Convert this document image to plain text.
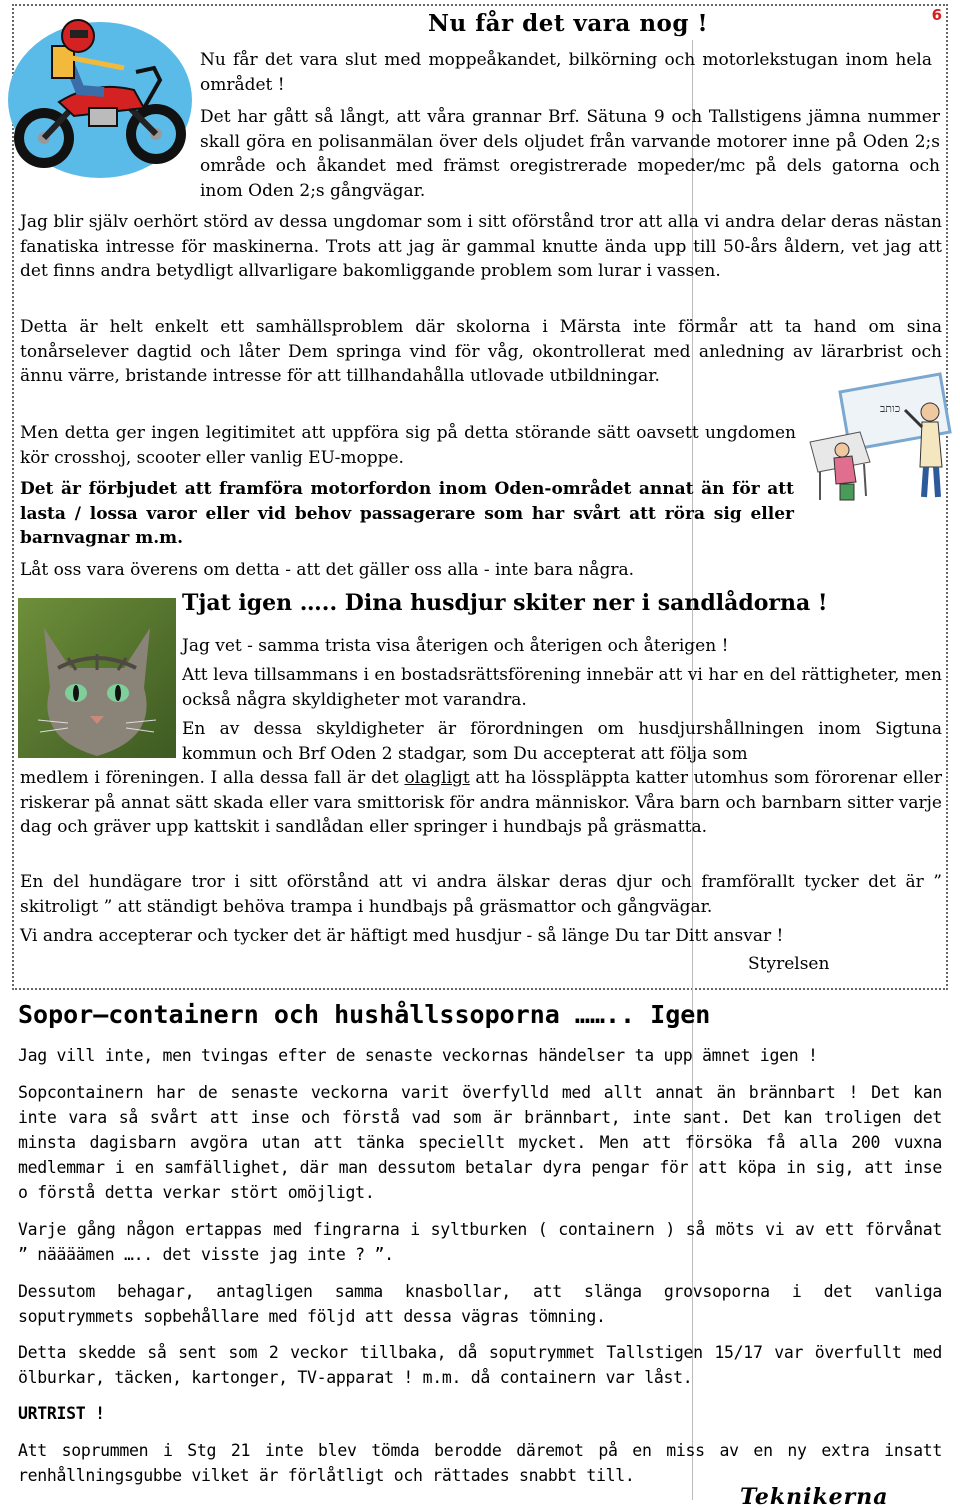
6
Nu får det vara nog !

Nu får det vara slut med moppeåkandet, bilkörning och motorlekstugan inom hela området !

Det har gått så långt, att våra grannar Brf. Sätuna 9 och Tallstigens jämna nummer skall göra en polisanmälan över dels oljudet från varvande motorer inne på Oden 2;s område och åkandet med främst oregistrerade mopeder/mc på dels gatorna och inom Oden 2;s gångvägar.

Jag blir själv oerhört störd av dessa ungdomar som i sitt oförstånd tror att alla vi andra delar deras nästan fanatiska intresse för maskinerna. Trots att jag är gammal knutte ända upp till 50-års åldern, vet jag att det finns andra betydligt allvarligare bakomliggande problem som lurar i vassen.

Detta är helt enkelt ett samhällsproblem där skolorna i Märsta inte förmår att ta hand om sina tonårselever dagtid och låter Dem springa vind för våg, okontrollerat med anledning av lärarbrist och ännu värre, bristande intresse för att tillhandahålla utlovade utbildningar.

כותב

Men detta ger ingen legitimitet att uppföra sig på detta störande sätt oavsett ungdomen kör crosshoj, scooter eller vanlig EU-moppe.

Det är förbjudet att framföra motorfordon inom Oden-området annat än för att lasta / lossa varor eller vid behov passagerare som har svårt att röra sig eller barnvagnar m.m.

Låt oss vara överens om detta - att det gäller oss alla - inte bara några.

Tjat igen ….. Dina husdjur skiter ner i sandlådorna !

Jag vet - samma trista visa återigen och återigen och återigen !

Att leva tillsammans i en bostadsrättsförening innebär att vi har en del rättigheter, men också några skyldigheter mot varandra.

En av dessa skyldigheter är förordningen om husdjurshållningen inom Sigtuna kommun och Brf Oden 2 stadgar, som Du accepterat att följa som

medlem i föreningen. I alla dessa fall är det olagligt att ha lösspläppta katter utomhus som förorenar eller riskerar på annat sätt skada eller vara smittorisk för andra människor. Våra barn och barnbarn sitter varje dag och gräver upp kattskit i sandlådan eller springer i hundbajs på gräsmatta.

En del hundägare tror i sitt oförstånd att vi andra älskar deras djur och framförallt tycker det är ” skitroligt ” att ständigt behöva trampa i hundbajs på gräsmattor och gångvägar.

Vi andra accepterar och tycker det är häftigt med husdjur - så länge Du tar Ditt ansvar !

Styrelsen
Sopor—containern och hushållssoporna …….. Igen

Jag vill inte, men tvingas efter de senaste veckornas händelser ta upp ämnet igen !

Sopcontainern har de senaste veckorna varit överfylld med allt annat än brännbart ! Det kan inte vara så svårt att inse och förstå vad som är brännbart, inte sant. Det kan troligen det minsta dagisbarn avgöra utan att tänka speciellt mycket. Men att försöka få alla 200 vuxna medlemmar i en samfällighet, där man dessutom betalar dyra pengar för att köpa in sig, att inse o förstå detta verkar stört omöjligt.

Varje gång någon ertappas med fingrarna i syltburken ( containern ) så möts vi av ett förvånat ” näääämen ….. det visste jag inte ? ”.

Dessutom behagar, antagligen samma knasbollar, att slänga grovsoporna i det vanliga soputrymmets sopbehållare med följd att dessa vägras tömning.

Detta skedde så sent som 2 veckor tillbaka, då soputrymmet Tallstigen 15/17 var överfullt med ölburkar, täcken, kartonger, TV-apparat ! m.m. då containern var låst.

URTRIST !

Att soprummen i Stg 21 inte blev tömda berodde däremot på en miss av en ny extra insatt renhållningsgubbe vilket är förlåtligt och rättades snabbt till.

Teknikerna
